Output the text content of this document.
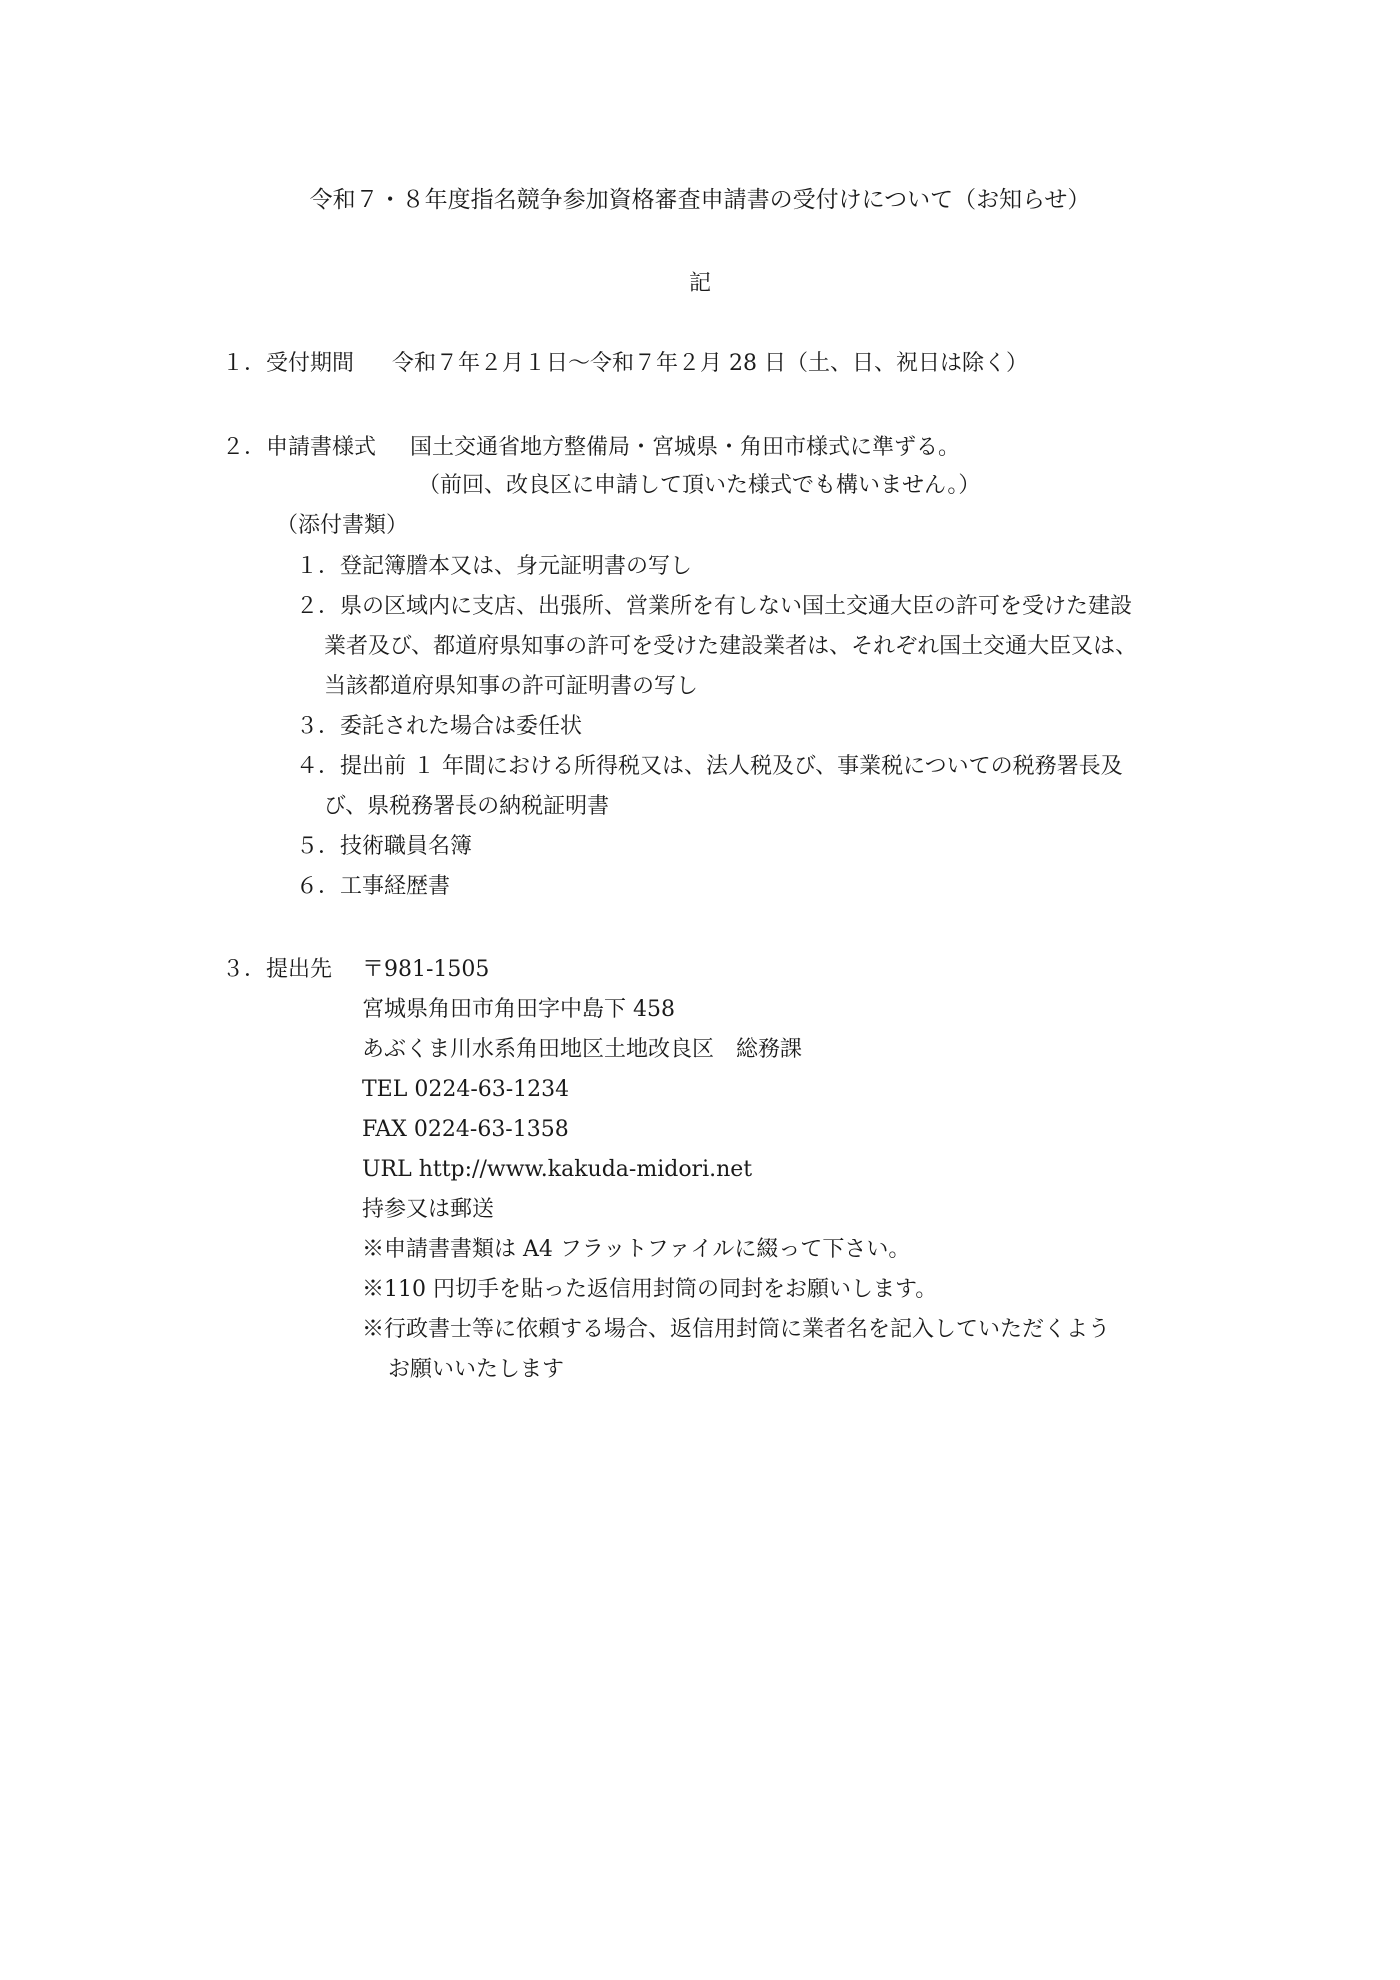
令和７・８年度指名競争参加資格審査申請書の受付けについて（お知らせ）
記
１．受付期間 令和７年２月１日～令和７年２月 28 日（土、日、祝日は除く）
２．申請書様式 国土交通省地方整備局・宮城県・角田市様式に準ずる。
（前回、改良区に申請して頂いた様式でも構いません。）
（添付書類）
１． 登記簿謄本又は、身元証明書の写し
２． 県の区域内に支店、出張所、営業所を有しない国土交通大臣の許可を受けた建設
業者及び、都道府県知事の許可を受けた建設業者は、それぞれ国土交通大臣又は、
当該都道府県知事の許可証明書の写し
３． 委託された場合は委任状
４． 提出前 １ 年間における所得税又は、法人税及び、事業税についての税務署長及
び、県税務署長の納税証明書
５． 技術職員名簿
６． 工事経歴書
３．提出先 〒981-1505
宮城県角田市角田字中島下 458
あぶくま川水系角田地区土地改良区　総務課
TEL 0224-63-1234
FAX 0224-63-1358
URL http://www.kakuda-midori.net
持参又は郵送
※申請書書類は A4 フラットファイルに綴って下さい。
※110 円切手を貼った返信用封筒の同封をお願いします。
※行政書士等に依頼する場合、返信用封筒に業者名を記入していただくよう
お願いいたします
